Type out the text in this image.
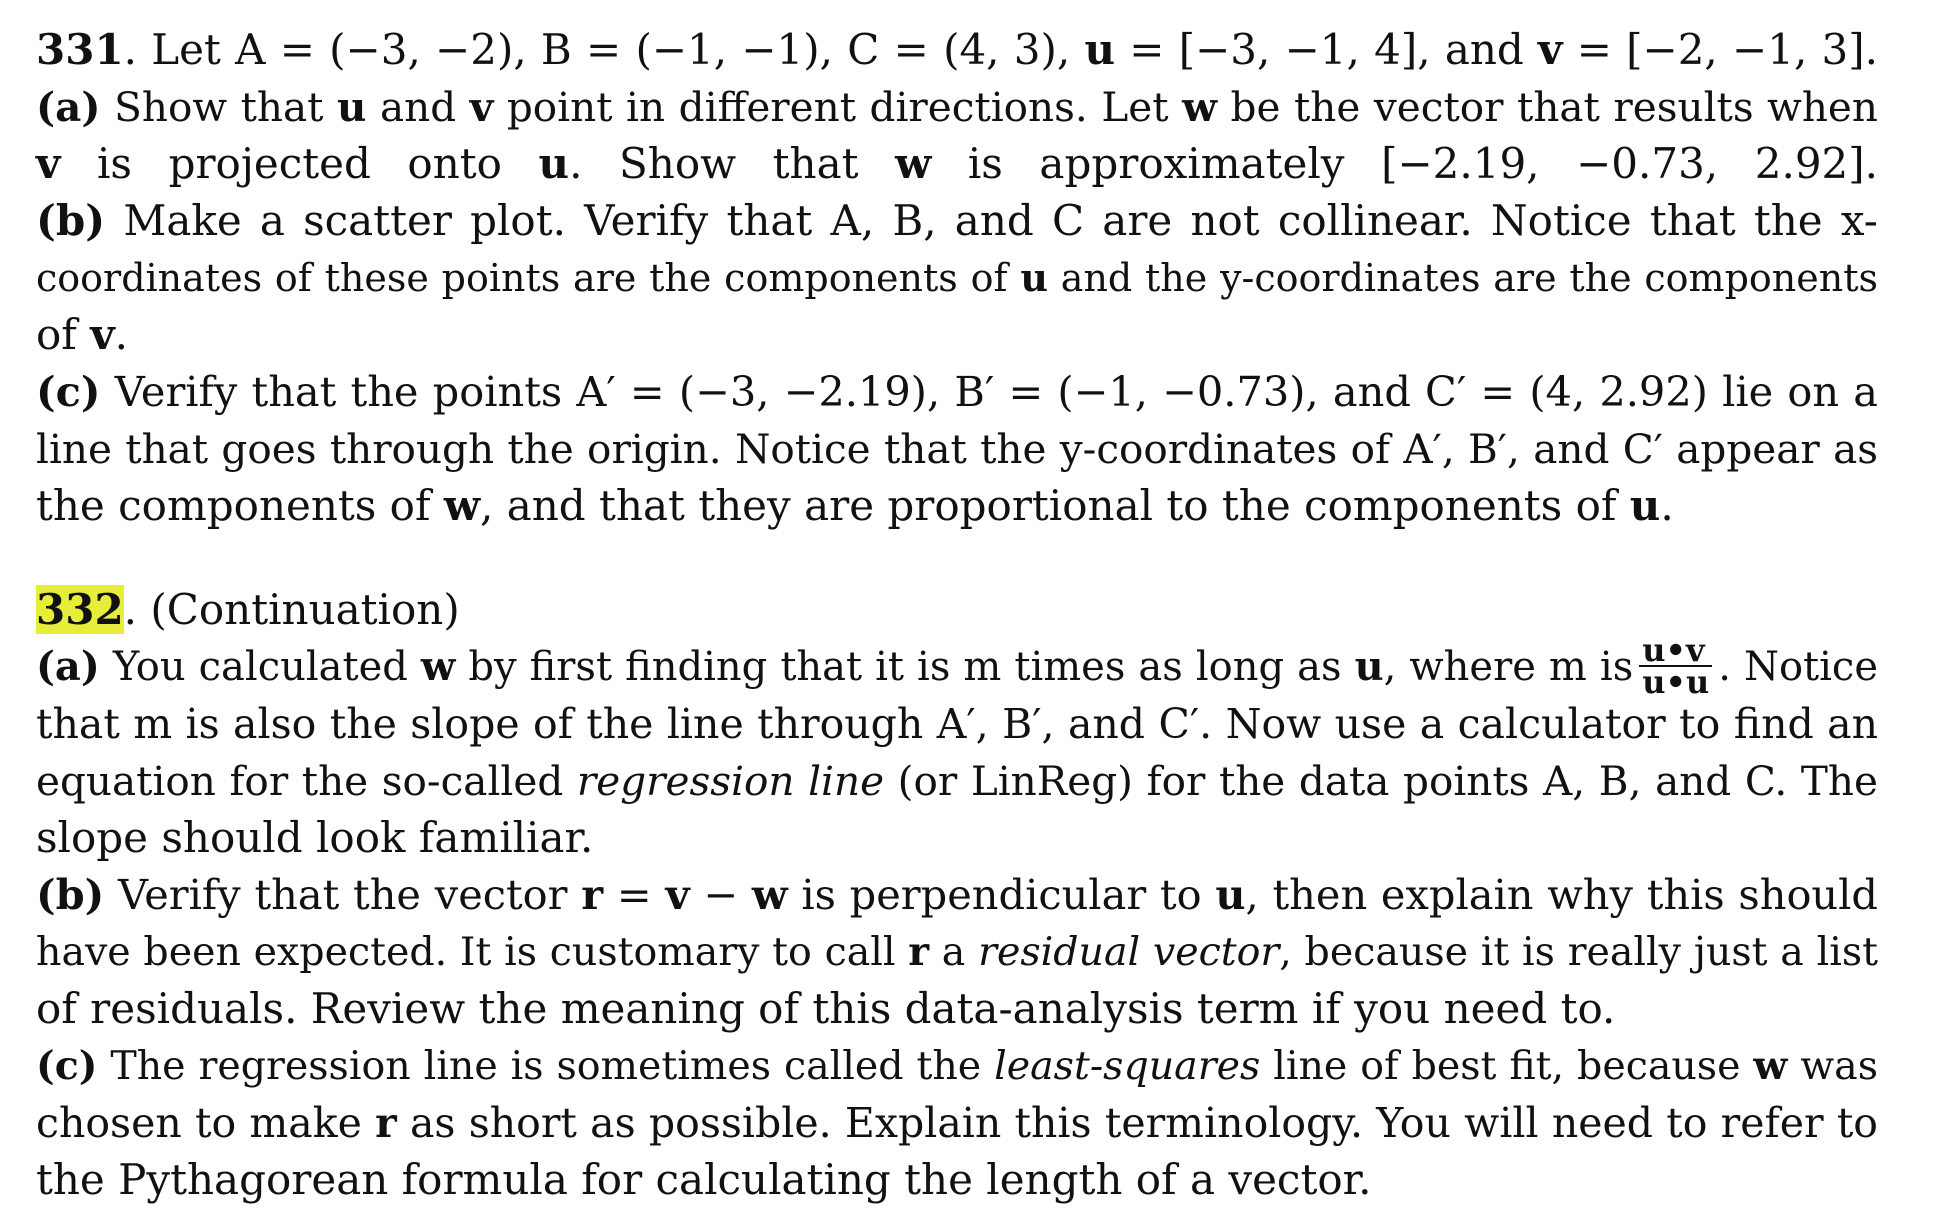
331. Let A = (−3, −2), B = (−1, −1), C = (4, 3), u = [−3, −1, 4], and v = [−2, −1, 3].
(a) Show that u and v point in different directions. Let w be the vector that results when
v is projected onto u. Show that w is approximately [−2.19, −0.73, 2.92].
(b) Make a scatter plot. Verify that A, B, and C are not collinear. Notice that the x-
coordinates of these points are the components of u and the y-coordinates are the components
of v.
(c) Verify that the points A′ = (−3, −2.19), B′ = (−1, −0.73), and C′ = (4, 2.92) lie on a
line that goes through the origin. Notice that the y-coordinates of A′, B′, and C′ appear as
the components of w, and that they are proportional to the components of u.
332. (Continuation)
(a) You calculated w by first finding that it is m times as long as u, where m is $\frac{u•v}{u•u}$ . Notice
that m is also the slope of the line through A′, B′, and C′. Now use a calculator to find an
equation for the so-called regression line (or LinReg) for the data points A, B, and C. The
slope should look familiar.
(b) Verify that the vector r = v − w is perpendicular to u, then explain why this should
have been expected. It is customary to call r a residual vector, because it is really just a list
of residuals. Review the meaning of this data-analysis term if you need to.
(c) The regression line is sometimes called the least-squares line of best fit, because w was
chosen to make r as short as possible. Explain this terminology. You will need to refer to
the Pythagorean formula for calculating the length of a vector.
